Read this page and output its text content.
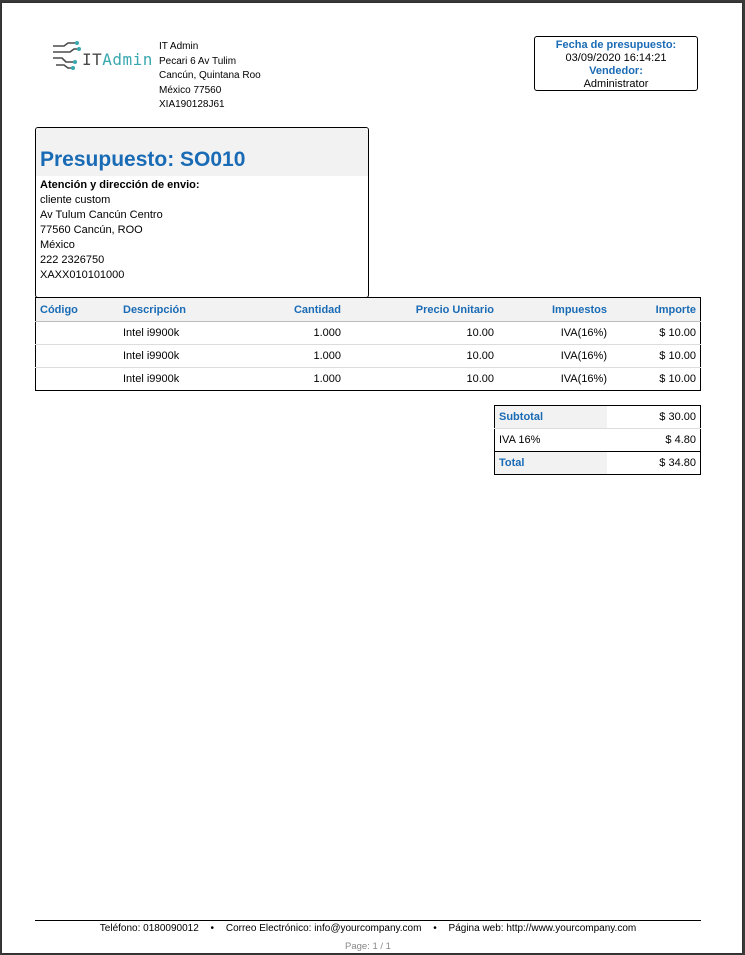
ITAdmin
IT Admin
Pecari 6 Av Tulim
Cancún, Quintana Roo
México 77560
XIA190128J61
Fecha de presupuesto:
03/09/2020 16:14:21
Vendedor:
Administrator
Presupuesto: SO010
Atención y dirección de envio:
cliente custom
Av Tulum Cancún Centro
77560 Cancún, ROO
México
222 2326750
XAXX010101000
Código	Descripción	Cantidad	Precio Unitario	Impuestos	Importe
	Intel i9900k	1.000	10.00	IVA(16%)	$ 10.00
	Intel i9900k	1.000	10.00	IVA(16%)	$ 10.00
	Intel i9900k	1.000	10.00	IVA(16%)	$ 10.00
Subtotal	$ 30.00
IVA 16%	$ 4.80
Total	$ 34.80
Teléfono: 0180090012 • Correo Electrónico: info@yourcompany.com • Página web: http://www.yourcompany.com
Page: 1 / 1
